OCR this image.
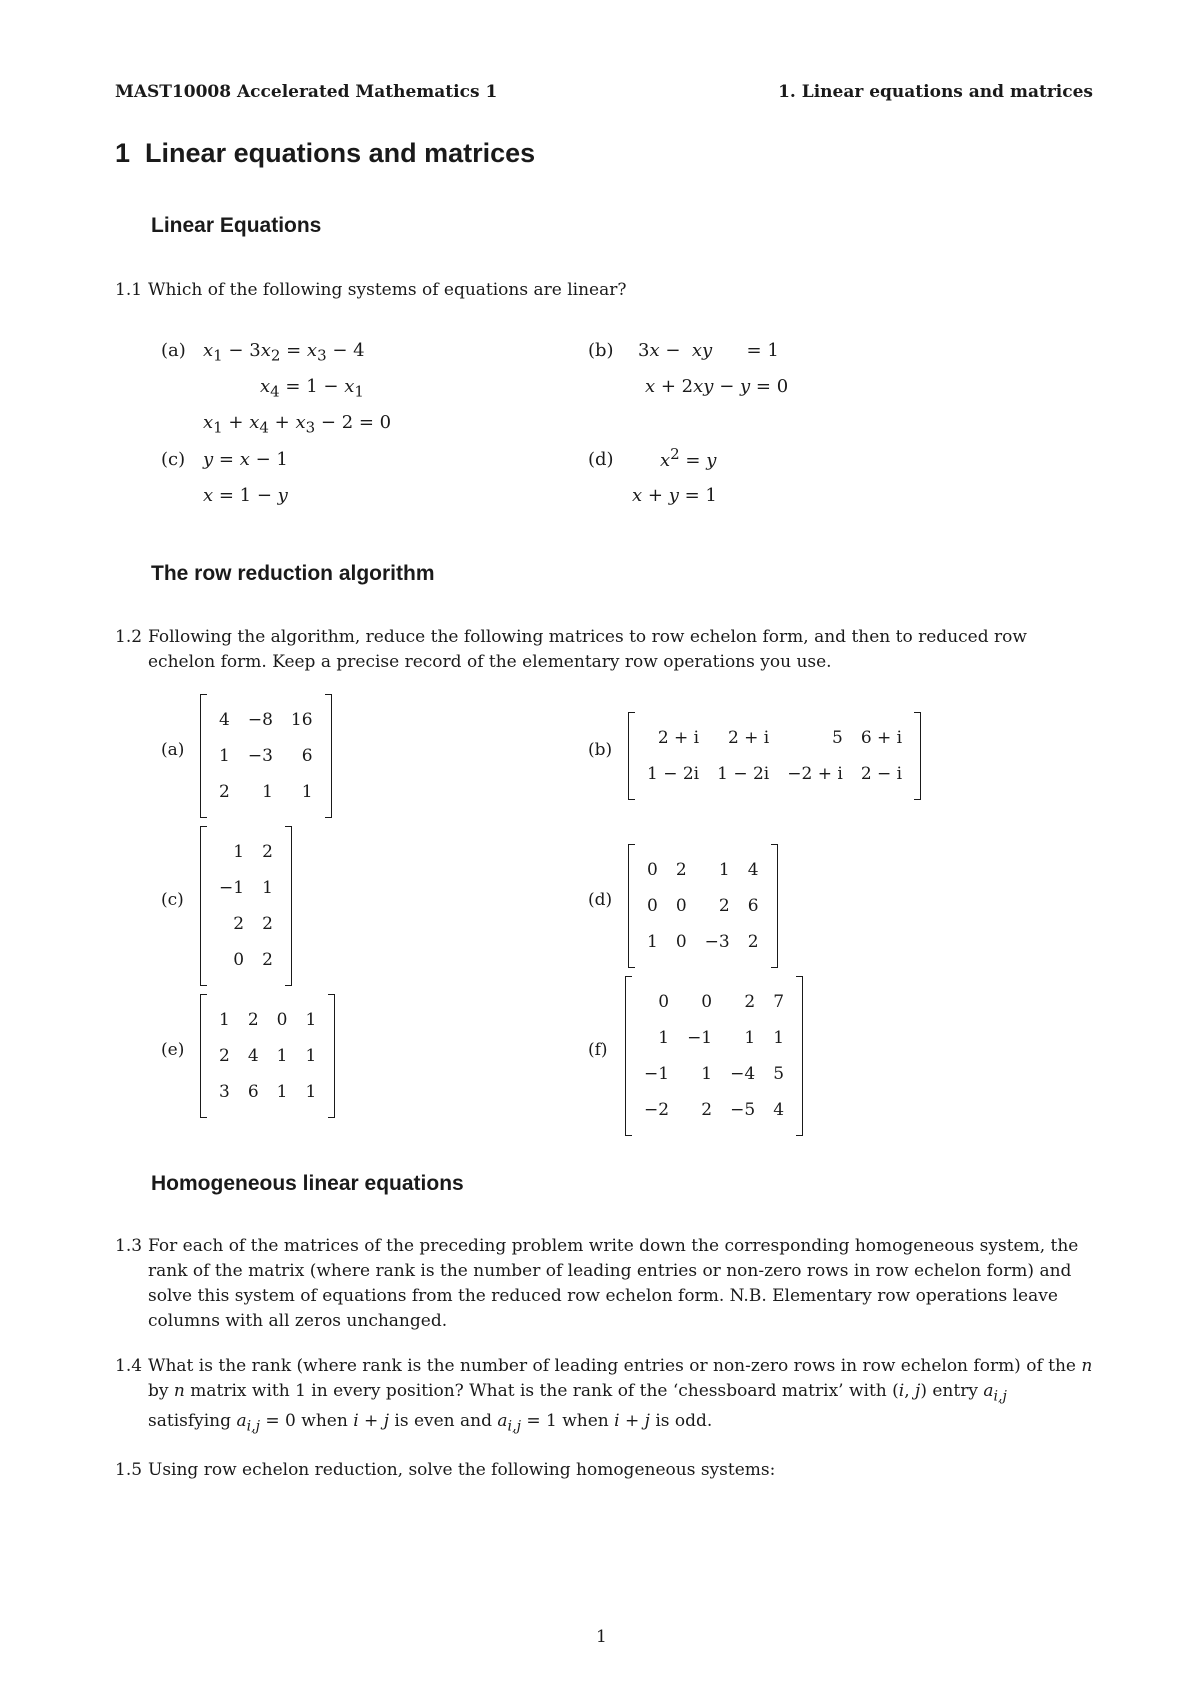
MAST10008 Accelerated Mathematics 1	1. Linear equations and matrices
1 Linear equations and matrices
Linear Equations
1.1 Which of the following systems of equations are linear?
(a) $x_1 - 3x_2 = x_3 - 4$
$x_4 = 1 - x_1$
$x_1 + x_4 + x_3 - 2 = 0$
(b) 3x −  xy      = 1
x + 2xy − y = 0
(c) y = x − 1
x = 1 − y
(d)	$x^2 = y$
x + y = 1
The row reduction algorithm
1.2 Following the algorithm, reduce the following matrices to row echelon form, and then to reduced row echelon form. Keep a precise record of the elementary row operations you use.
(a)
4	−8	16
1	−3	6
2	1	1
(b)
2 + i	2 + i	5	6 + i
1 − 2i	1 − 2i	−2 + i	2 − i
(c)
1	2
−1	1
2	2
0	2
(d)
0	2	1	4
0	0	2	6
1	0	−3	2
(e)
1	2	0	1
2	4	1	1
3	6	1	1
(f)
0	0	2	7
1	−1	1	1
−1	1	−4	5
−2	2	−5	4
Homogeneous linear equations
1.3 For each of the matrices of the preceding problem write down the corresponding homogeneous system, the rank of the matrix (where rank is the number of leading entries or non-zero rows in row echelon form) and solve this system of equations from the reduced row echelon form. N.B. Elementary row operations leave columns with all zeros unchanged.
1.4 What is the rank (where rank is the number of leading entries or non-zero rows in row echelon form) of the n by n matrix with 1 in every position? What is the rank of the ‘chessboard matrix’ with (i, j) entry $a_{i,j}$ satisfying $a_{i,j} = 0$ when i + j is even and $a_{i,j} = 1$ when i + j is odd.
1.5 Using row echelon reduction, solve the following homogeneous systems:
1
